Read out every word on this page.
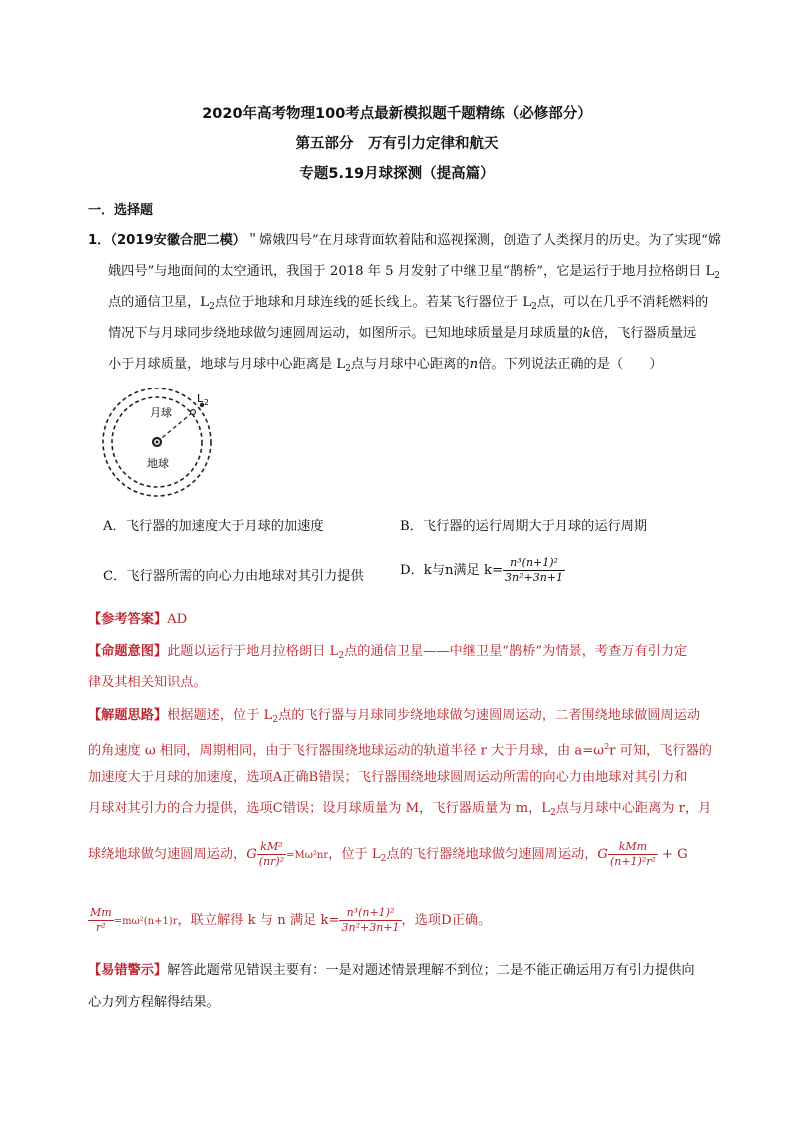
2020年高考物理100考点最新模拟题千题精练（必修部分）
第五部分　万有引力定律和航天
专题5.19月球探测（提高篇）
一．选择题
1．（2019安徽合肥二模）＂嫦娥四号”在月球背面软着陆和巡视探测，创造了人类探月的历史。为了实现“嫦
娥四号”与地面间的太空通讯，我国于 2018 年 5 月发射了中继卫星“鹊桥”，它是运行于地月拉格朗日 $L_2$
点的通信卫星，$L_2$点位于地球和月球连线的延长线上。若某飞行器位于 $L_2$点，可以在几乎不消耗燃料的
情况下与月球同步绕地球做匀速圆周运动，如图所示。已知地球质量是月球质量的k倍，飞行器质量远
小于月球质量，地球与月球中心距离是 $L_2$点与月球中心距离的n倍。下列说法正确的是（　　）
月球
地球
L 2
A．飞行器的加速度大于月球的加速度	B．飞行器的运行周期大于月球的运行周期
C．飞行器所需的向心力由地球对其引力提供	D．k与n满足 $k= \frac{\text{n³(n+1)²}}{\text{3n²+3n+1}}$
【参考答案】AD
【命题意图】此题以运行于地月拉格朗日 $L_2$点的通信卫星——中继卫星“鹊桥”为情景，考查万有引力定
律及其相关知识点。
【解题思路】根据题述，位于 $L_2$点的飞行器与月球同步绕地球做匀速圆周运动，二者围绕地球做圆周运动
的角速度 ω 相同，周期相同，由于飞行器围绕地球运动的轨道半径 r 大于月球，由 $a=\omega^2r$ 可知，飞行器的
加速度大于月球的加速度，选项A正确B错误；飞行器围绕地球圆周运动所需的向心力由地球对其引力和
月球对其引力的合力提供，选项C错误；设月球质量为 M，飞行器质量为 m，$L_2$点与月球中心距离为 r，月
球绕地球做匀速圆周运动，G $\frac{\text{kM²}}{\text{(nr)²}} =M\omega^2nr$，位于 $L_2$点的飞行器绕地球做匀速圆周运动，G $\frac{\text{kMm}}{\text{(n+1)²r²}} + G$
$\frac{Mm}{\text{r²}} =m\omega^2(n+1)r$，联立解得 k 与 n 满足 $k= \frac{\text{n³(n+1)²}}{\text{3n²+3n+1}}$ ，选项D正确。
【易错警示】解答此题常见错误主要有：一是对题述情景理解不到位；二是不能正确运用万有引力提供向
心力列方程解得结果。
